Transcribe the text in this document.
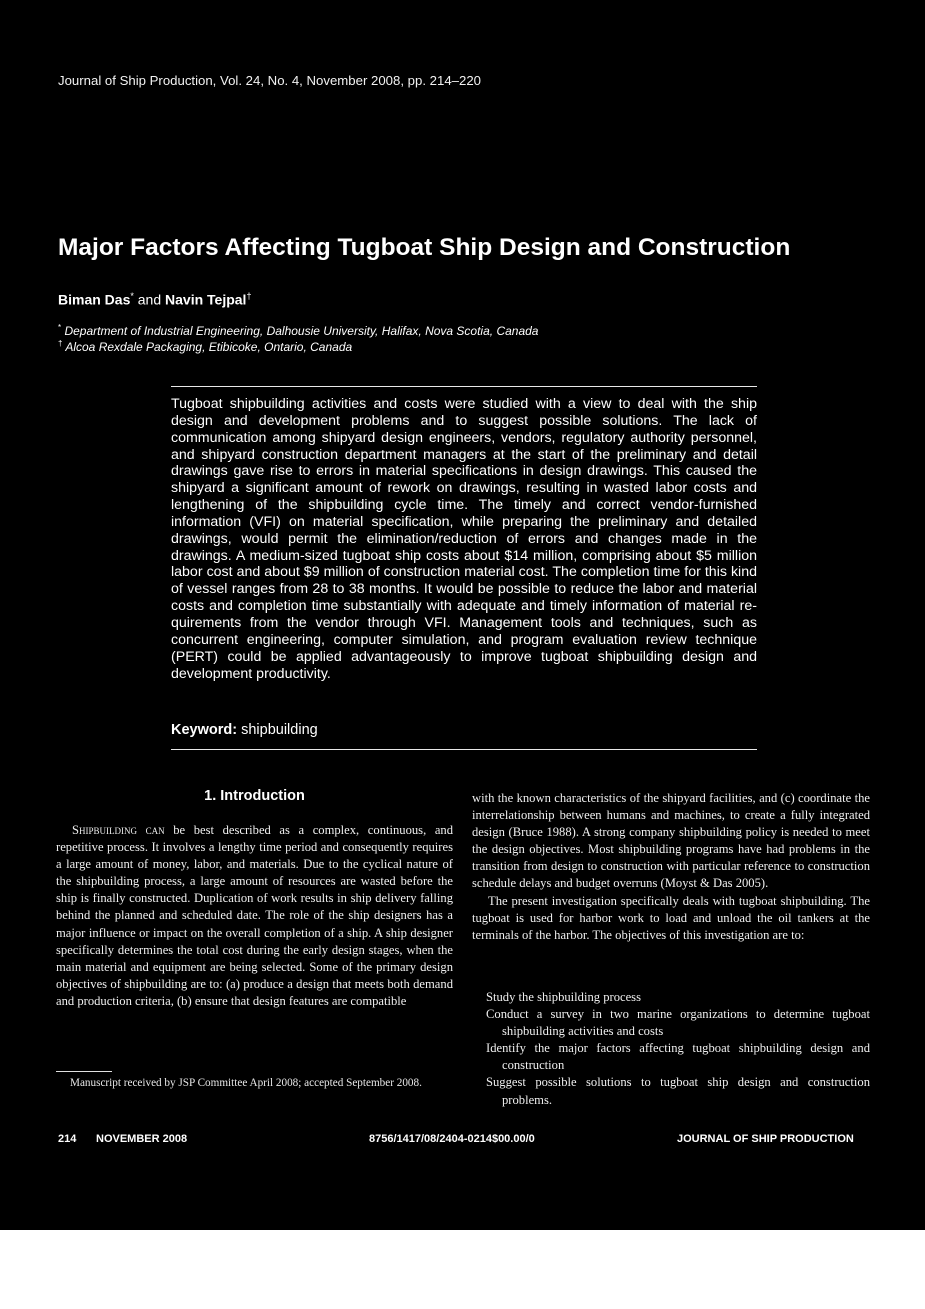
Journal of Ship Production, Vol. 24, No. 4, November 2008, pp. 214–220
Major Factors Affecting Tugboat Ship Design and Construction
Biman Das* and Navin Tejpal†
* Department of Industrial Engineering, Dalhousie University, Halifax, Nova Scotia, Canada
† Alcoa Rexdale Packaging, Etibicoke, Ontario, Canada

Tugboat shipbuilding activities and costs were studied with a view to deal with the ship design and development problems and to suggest possible solutions. The lack of communication among shipyard design engineers, vendors, regulatory authority personnel, and shipyard construction department managers at the start of the preliminary and detail drawings gave rise to errors in material specifications in design drawings. This caused the shipyard a significant amount of rework on drawings, resulting in wasted labor costs and lengthening of the shipbuilding cycle time. The timely and correct vendor-furnished information (VFI) on material specification, while preparing the preliminary and detailed drawings, would permit the elimination/​reduction of errors and changes made in the drawings. A medium-sized tugboat ship costs about $14 million, comprising about $5 million labor cost and about $9 million of construction material cost. The completion time for this kind of vessel ranges from 28 to 38 months. It would be possible to reduce the labor and material costs and completion time substantially with adequate and timely information of material requirements from the vendor through VFI. Management tools and techniques, such as concurrent engineering, computer simulation, and program evaluation review technique (PERT) could be applied advantageously to improve tugboat shipbuilding design and development productivity.

Keyword: shipbuilding
1. Introduction

Shipbuilding can be best described as a complex, continuous, and repetitive process. It involves a lengthy time period and consequently requires a large amount of money, labor, and materials. Due to the cyclical nature of the shipbuilding process, a large amount of resources are wasted before the ship is finally constructed. Duplication of work results in ship delivery falling behind the planned and scheduled date. The role of the ship designers has a major influence or impact on the overall completion of a ship. A ship designer specifically determines the total cost during the early design stages, when the main material and equipment are being selected. Some of the primary design objectives of shipbuilding are to: (a) produce a design that meets both demand and production criteria, (b) ensure that design features are compatible

Manuscript received by JSP Committee April 2008; accepted September 2008.

with the known characteristics of the shipyard facilities, and (c) coordinate the interrelationship between humans and machines, to create a fully integrated design (Bruce 1988). A strong company shipbuilding policy is needed to meet the design objectives. Most shipbuilding programs have had problems in the transition from design to construction with particular reference to construction schedule delays and budget overruns (Moyst & Das 2005).

The present investigation specifically deals with tugboat shipbuilding. The tugboat is used for harbor work to load and unload the oil tankers at the terminals of the harbor. The objectives of this investigation are to:

Study the shipbuilding process
Conduct a survey in two marine organizations to determine tugboat shipbuilding activities and costs
Identify the major factors affecting tugboat shipbuilding design and construction
Suggest possible solutions to tugboat ship design and construction problems.
214 NOVEMBER 2008	8756/1417/08/2404-0214$00.00/0	JOURNAL OF SHIP PRODUCTION
